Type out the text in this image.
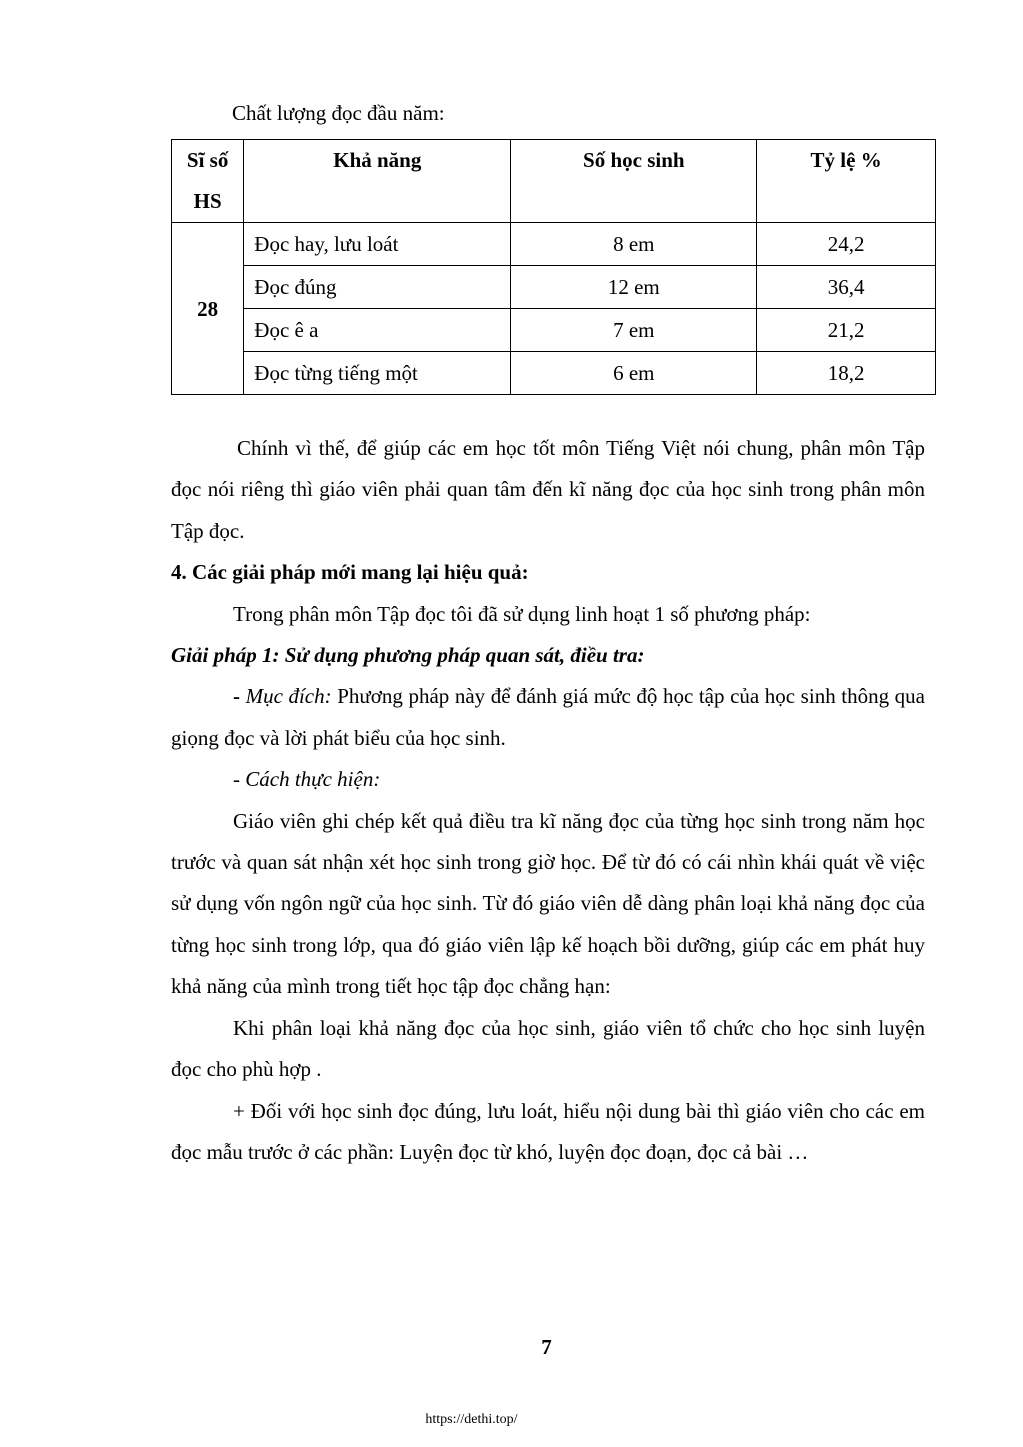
Chất lượng đọc đầu năm:
Sĩ số HS	Khả năng	Số học sinh	Tỷ lệ %
28	Đọc hay, lưu loát	8 em	24,2
	Đọc đúng	12 em	36,4
	Đọc ê a	7 em	21,2
	Đọc từng tiếng một	6 em	18,2

Chính vì thế, để giúp các em học tốt môn Tiếng Việt nói chung, phân môn Tập đọc nói riêng thì giáo viên phải quan tâm đến kĩ năng đọc của học sinh trong phân môn Tập đọc.

4. Các giải pháp mới mang lại hiệu quả:

Trong phân môn Tập đọc tôi đã sử dụng linh hoạt 1 số phương pháp:

Giải pháp 1: Sử dụng phương pháp quan sát, điều tra:

- Mục đích: Phương pháp này để đánh giá mức độ học tập của học sinh thông qua giọng đọc và lời phát biểu của học sinh.

- Cách thực hiện:

Giáo viên ghi chép kết quả điều tra kĩ năng đọc của từng học sinh trong năm học trước và quan sát nhận xét học sinh trong giờ học. Để từ đó có cái nhìn khái quát về việc sử dụng vốn ngôn ngữ của học sinh. Từ đó giáo viên dễ dàng phân loại khả năng đọc của từng học sinh trong lớp, qua đó giáo viên lập kế hoạch bồi dưỡng, giúp các em phát huy khả năng của mình trong tiết học tập đọc chẳng hạn:

Khi phân loại khả năng đọc của học sinh, giáo viên tổ chức cho học sinh luyện đọc cho phù hợp .

+ Đối với học sinh đọc đúng, lưu loát, hiểu nội dung bài thì giáo viên cho các em đọc mẫu trước ở các phần: Luyện đọc từ khó, luyện đọc đoạn, đọc cả bài …

7
https://dethi.top/
